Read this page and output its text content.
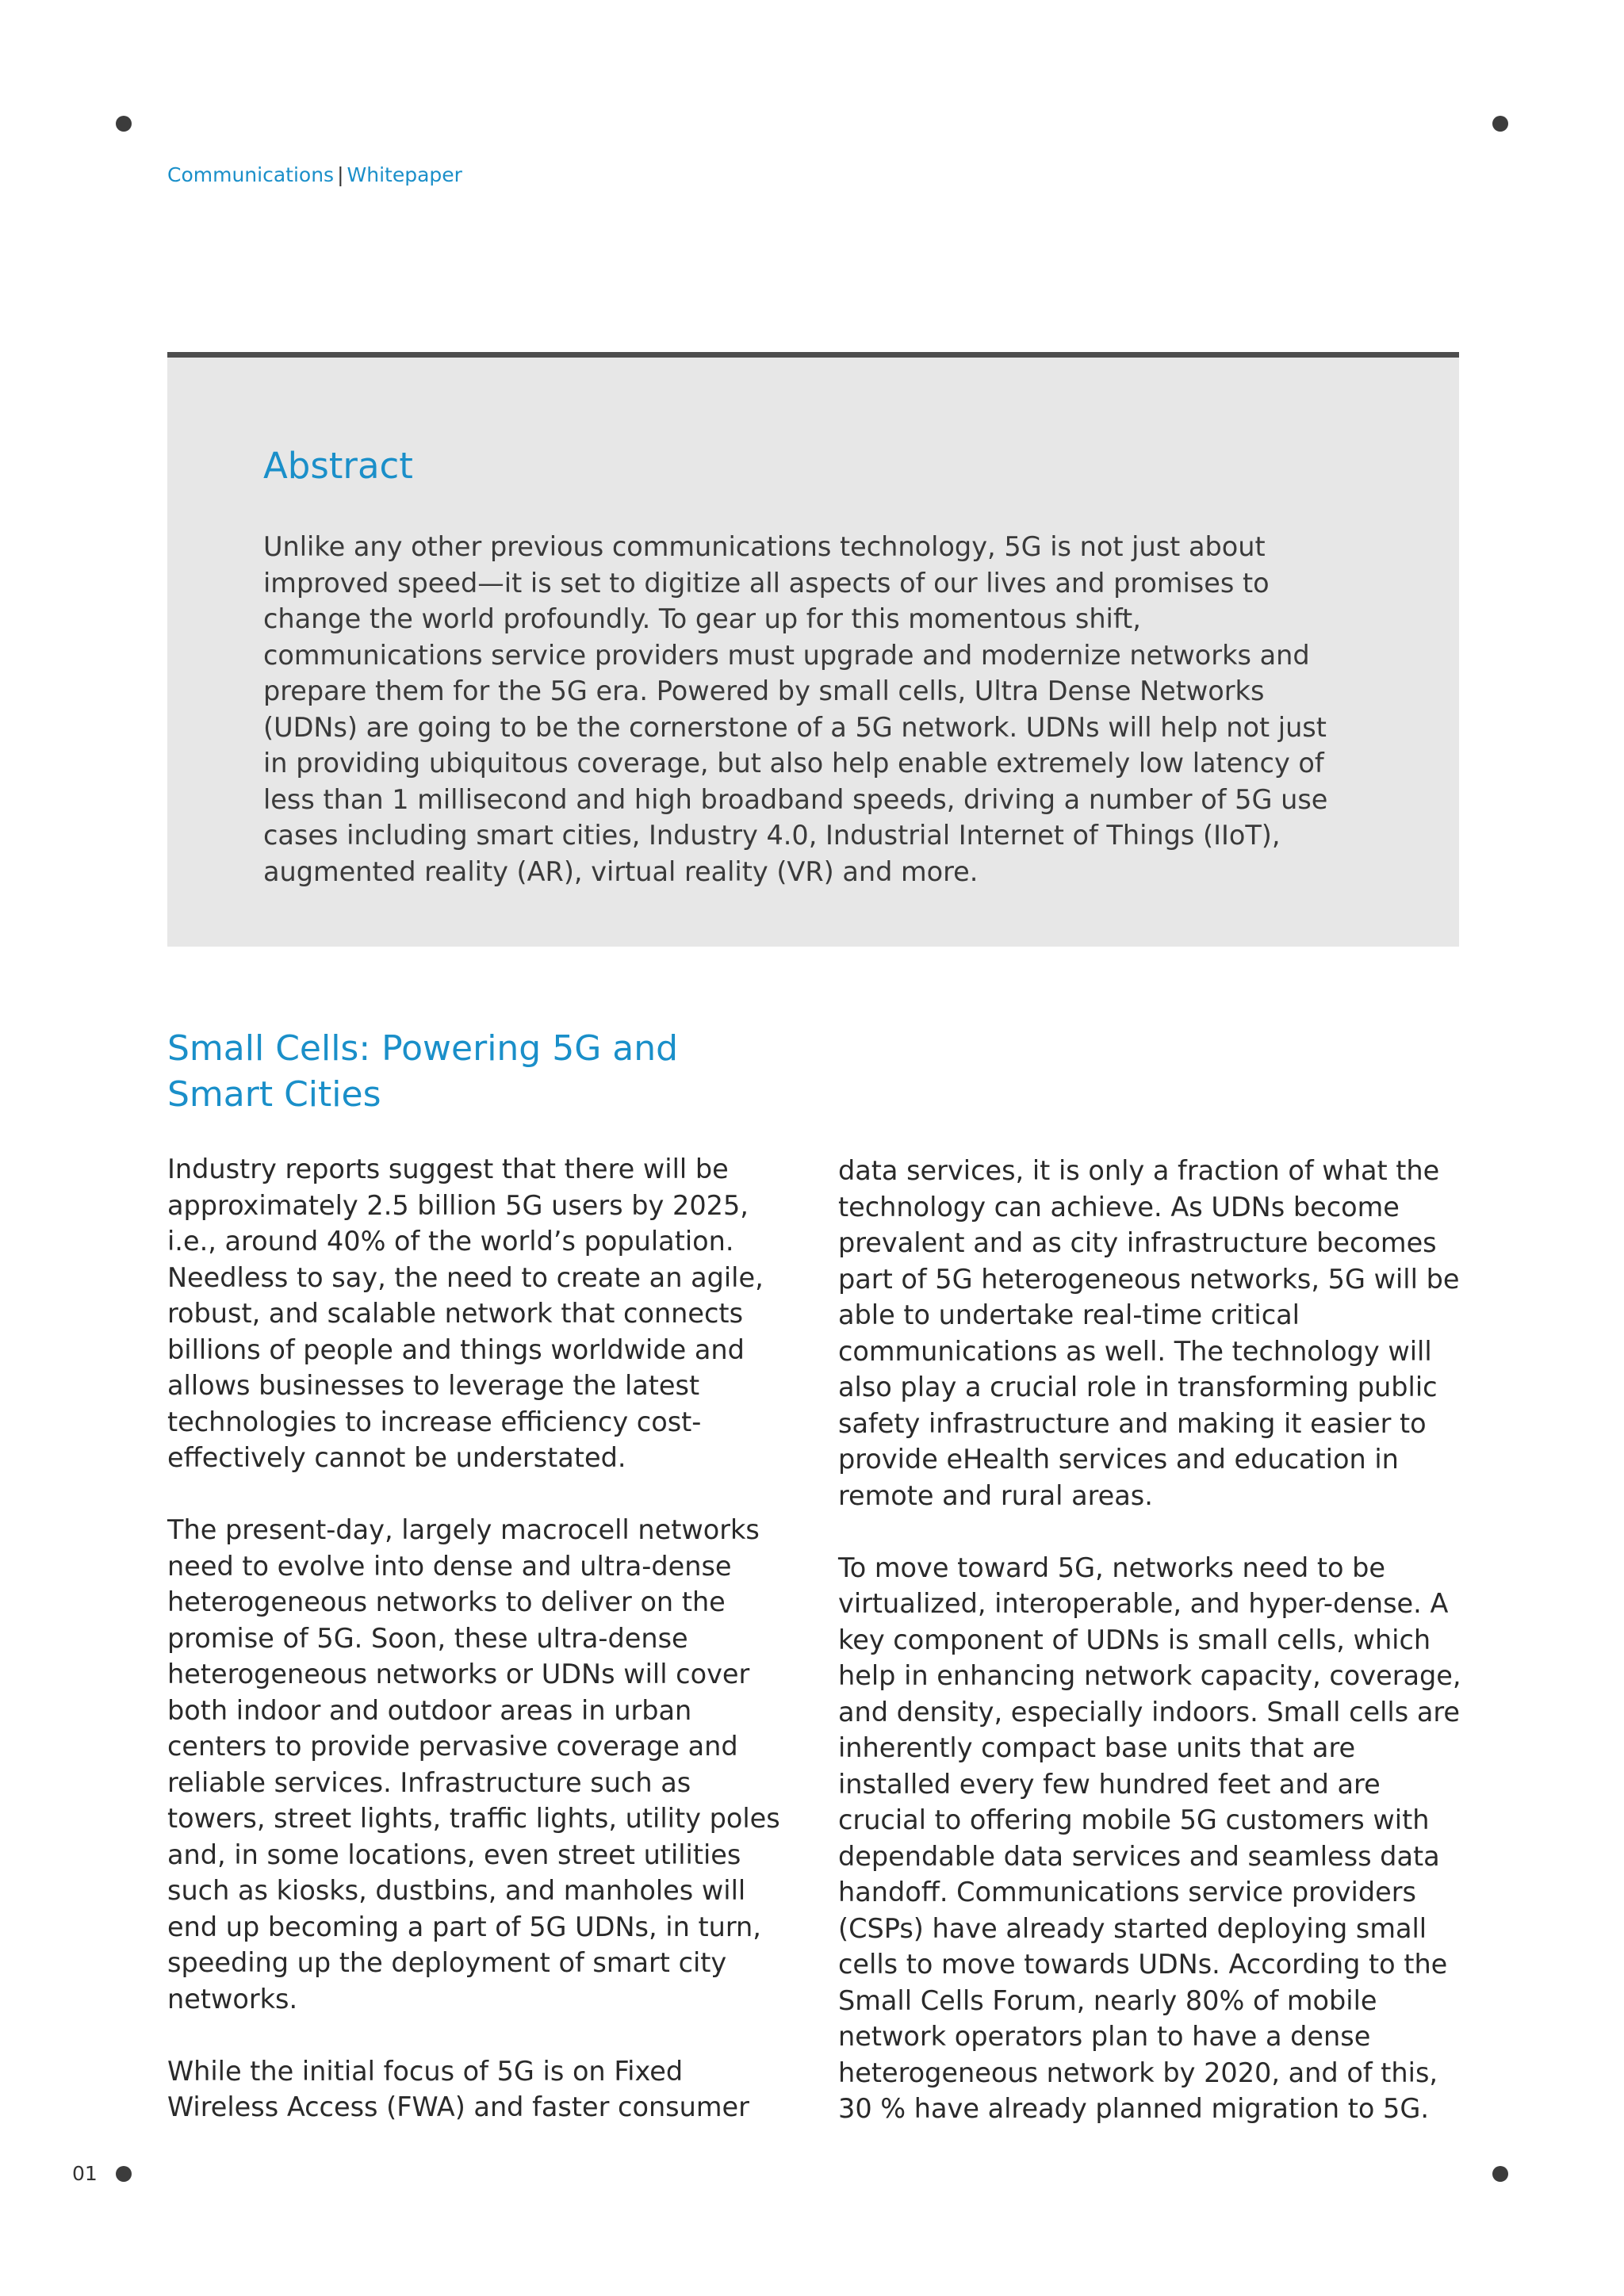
Communications | Whitepaper
Abstract

Unlike any other previous communications technology, 5G is not just about improved speed—it is set to digitize all aspects of our lives and promises to change the world profoundly. To gear up for this momentous shift, communications service providers must upgrade and modernize networks and prepare them for the 5G era. Powered by small cells, Ultra Dense Networks (UDNs) are going to be the cornerstone of a 5G network. UDNs will help not just in providing ubiquitous coverage, but also help enable extremely low latency of less than 1 millisecond and high broadband speeds, driving a number of 5G use cases including smart cities, Industry 4.0, Industrial Internet of Things (IIoT), augmented reality (AR), virtual reality (VR) and more.

Small Cells: Powering 5G and
Smart Cities

Industry reports suggest that there will be approximately 2.5 billion 5G users by 2025, i.e., around 40% of the world’s population. Needless to say, the need to create an agile, robust, and scalable network that connects billions of people and things worldwide and allows businesses to leverage the latest technologies to increase efficiency cost-effectively cannot be understated.

The present-day, largely macrocell networks need to evolve into dense and ultra-dense heterogeneous networks to deliver on the promise of 5G. Soon, these ultra-dense heterogeneous networks or UDNs will cover both indoor and outdoor areas in urban centers to provide pervasive coverage and reliable services. Infrastructure such as towers, street lights, traffic lights, utility poles and, in some locations, even street utilities such as kiosks, dustbins, and manholes will end up becoming a part of 5G UDNs, in turn, speeding up the deployment of smart city networks.

While the initial focus of 5G is on Fixed Wireless Access (FWA) and faster consumer

data services, it is only a fraction of what the technology can achieve. As UDNs become prevalent and as city infrastructure becomes part of 5G heterogeneous networks, 5G will be able to undertake real-time critical communications as well. The technology will also play a crucial role in transforming public safety infrastructure and making it easier to provide eHealth services and education in remote and rural areas.

To move toward 5G, networks need to be virtualized, interoperable, and hyper-dense. A key component of UDNs is small cells, which help in enhancing network capacity, coverage, and density, especially indoors. Small cells are inherently compact base units that are installed every few hundred feet and are crucial to offering mobile 5G customers with dependable data services and seamless data handoff. Communications service providers (CSPs) have already started deploying small cells to move towards UDNs. According to the Small Cells Forum, nearly 80% of mobile network operators plan to have a dense heterogeneous network by 2020, and of this, 30 % have already planned migration to 5G.

01
